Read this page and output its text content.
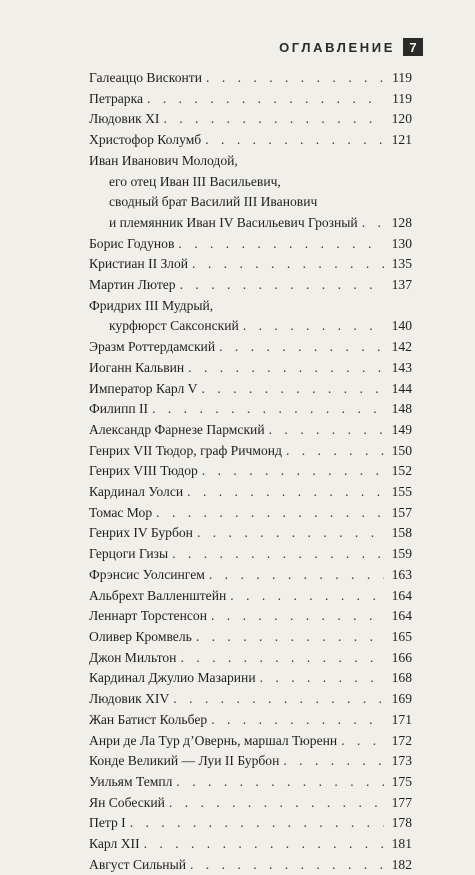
ОГЛАВЛЕНИЕ	7
Галеаццо Висконти . . .	119
Петрарка . . .	119
Людовик XI . . .	120
Христофор Колумб . . .	121
Иван Иванович Молодой,
его отец Иван III Васильевич,
сводный брат Василий III Иванович
и племянник Иван IV Васильевич Грозный . . . 128
Борис Годунов . . .	130
Кристиан II Злой . . .	135
Мартин Лютер . . .	137
Фридрих III Мудрый,
курфюрст Саксонский . . .	140
Эразм Роттердамский . . .	142
Иоганн Кальвин . . .	143
Император Карл V . . .	144
Филипп II . . .	148
Александр Фарнезе Пармский . . .	149
Генрих VII Тюдор, граф Ричмонд . . .	150
Генрих VIII Тюдор . . .	152
Кардинал Уолси . . .	155
Томас Мор . . .	157
Генрих IV Бурбон . . .	158
Герцоги Гизы . . .	159
Фрэнсис Уолсингем . . .	163
Альбрехт Валленштейн . . .	164
Леннарт Торстенсон . . .	164
Оливер Кромвель . . .	165
Джон Мильтон . . .	166
Кардинал Джулио Мазарини . . .	168
Людовик XIV . . .	169
Жан Батист Кольбер . . .	171
Анри де Ла Тур д’Овернь, маршал Тюренн . . .	172
Конде Великий — Луи II Бурбон . . .	173
Уильям Темпл . . .	175
Ян Собеский . . .	177
Петр I . . .	178
Карл XII . . .	181
Август Сильный . . .	182
